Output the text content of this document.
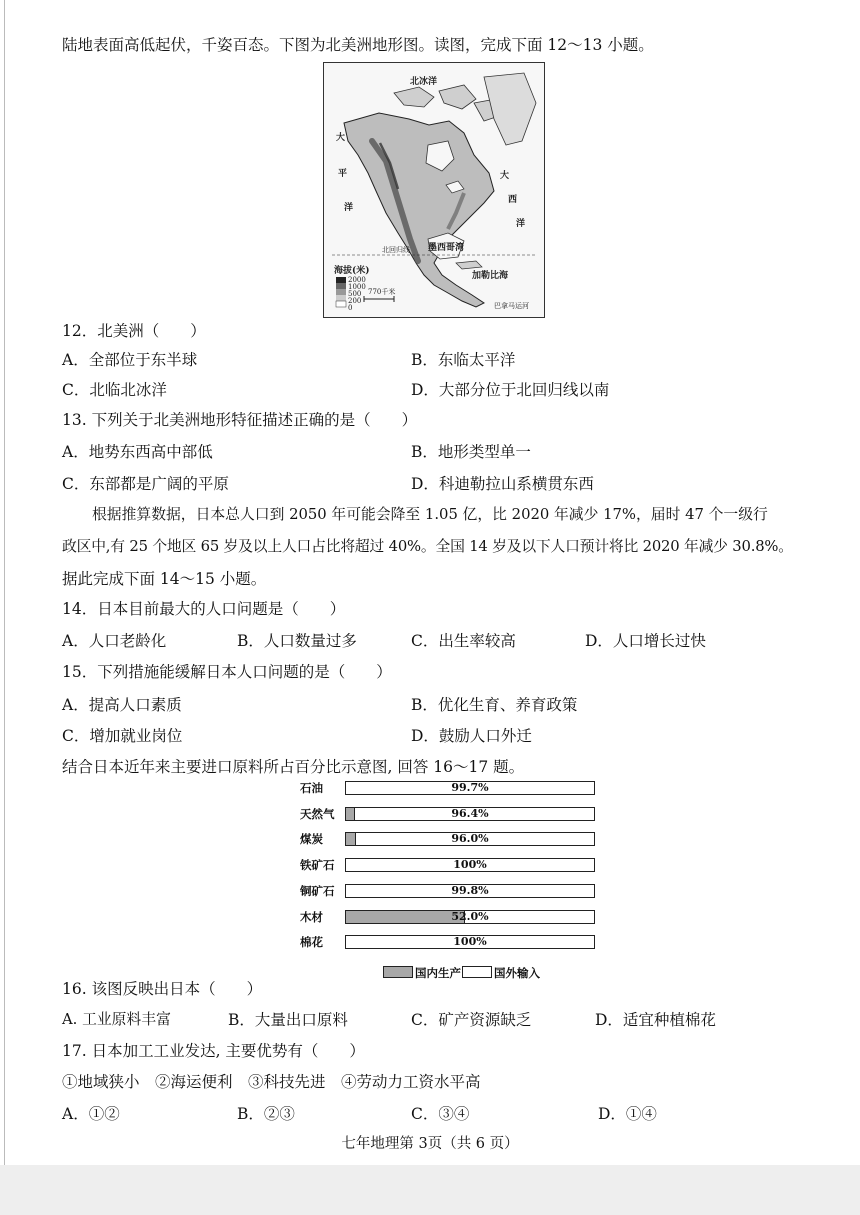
陆地表面高低起伏，千姿百态。下图为北美洲地形图。读图，完成下面 12～13 小题。
北冰洋
大
平
洋
大
西
洋
墨西哥湾
加勒比海
海拔(米)
2000
1000
500
200
0
770千米
北回归线
巴拿马运河
12．北美洲（　　）
A．全部位于东半球	B．东临太平洋
C．北临北冰洋	D．大部分位于北回归线以南
13. 下列关于北美洲地形特征描述正确的是（　　）
A．地势东西高中部低	B．地形类型单一
C．东部都是广阔的平原	D．科迪勒拉山系横贯东西
根据推算数据，日本总人口到 2050 年可能会降至 1.05 亿，比 2020 年减少 17%，届时 47 个一级行
政区中,有 25 个地区 65 岁及以上人口占比将超过 40%。全国 14 岁及以下人口预计将比 2020 年减少 30.8%。
据此完成下面 14～15 小题。
14．日本目前最大的人口问题是（　　）
A．人口老龄化	B．人口数量过多	C．出生率较高	D．人口增长过快
15．下列措施能缓解日本人口问题的是（　　）
A．提高人口素质	B．优化生育、养育政策
C．增加就业岗位	D．鼓励人口外迁
结合日本近年来主要进口原料所占百分比示意图, 回答 16～17 题。
石油	99.7%
天然气	96.4%
煤炭	96.0%
铁矿石	100%
铜矿石	99.8%
木材	52.0%
棉花	100%
国内生产	国外输入
16. 该图反映出日本（　　）
A. 工业原料丰富	B．大量出口原料	C．矿产资源缺乏	D．适宜种植棉花
17. 日本加工工业发达, 主要优势有（　　）
①地域狭小　②海运便利　③科技先进　④劳动力工资水平高
A．①②	B．②③	C．③④	D．①④
七年地理第 3页（共 6 页）
